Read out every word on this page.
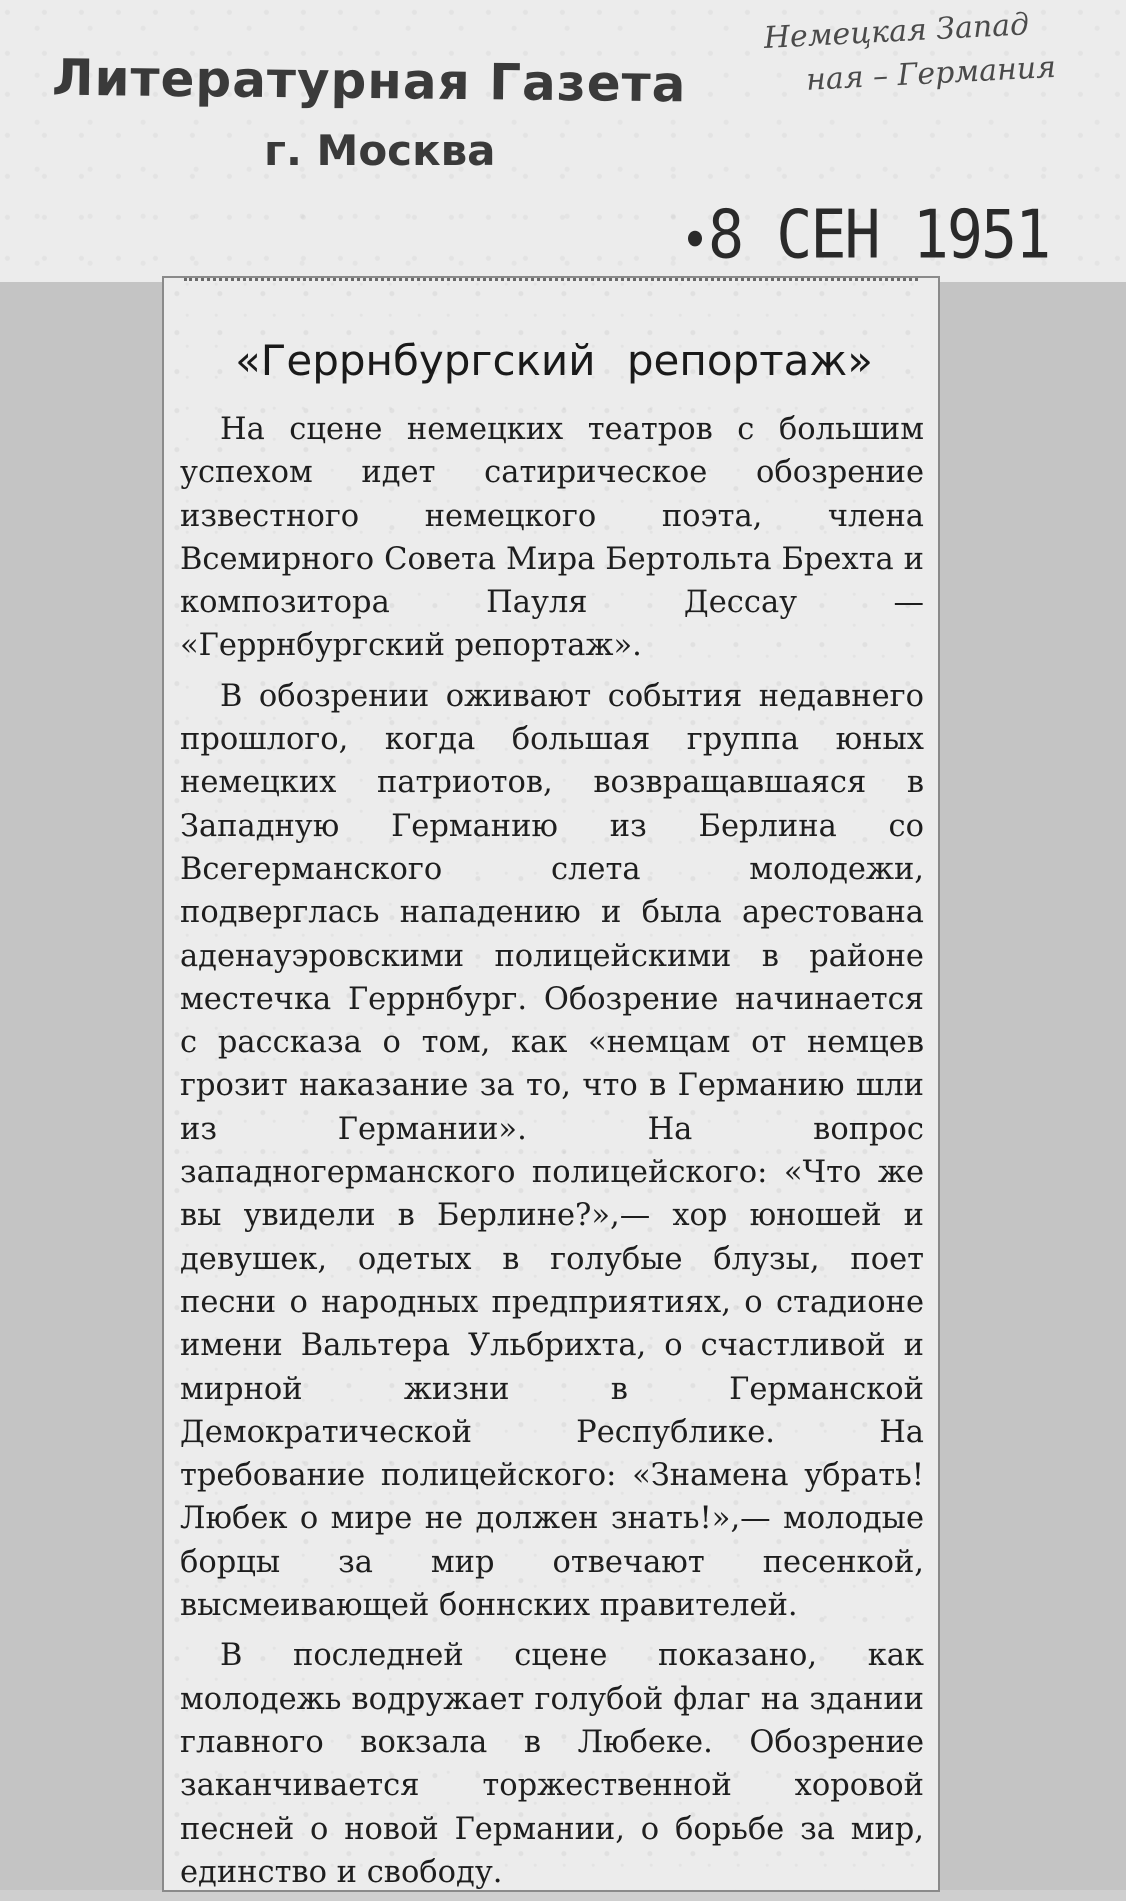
Литературная Газета
г. Москва
Немецкая Запад
ная – Германия
8 СЕН 1951
«Геррнбургский репортаж»

На сцене немецких театров с большим успехом идет сатирическое обозрение известного немецкого поэта, члена Всемирного Совета Мира Бертольта Брехта и композитора Пауля Дессау — «Геррнбургский репортаж».

В обозрении оживают события недавнего прошлого, когда большая группа юных немецких патриотов, возвращавшаяся в Западную Германию из Берлина со Всегерманского слета молодежи, подверглась нападению и была арестована аденауэровскими полицейскими в районе местечка Геррнбург. Обозрение начинается с рассказа о том, как «немцам от немцев грозит наказание за то, что в Германию шли из Германии». На вопрос западногерманского полицейского: «Что же вы увидели в Берлине?»,— хор юношей и девушек, одетых в голубые блузы, поет песни о народных предприятиях, о стадионе имени Вальтера Ульбрихта, о счастливой и мирной жизни в Германской Демократической Республике. На требование полицейского: «Знамена убрать! Любек о мире не должен знать!»,— молодые борцы за мир отвечают песенкой, высмеивающей боннских правителей.

В последней сцене показано, как молодежь водружает голубой флаг на здании главного вокзала в Любеке. Обозрение заканчивается торжественной хоровой песней о новой Германии, о борьбе за мир, единство и свободу.
